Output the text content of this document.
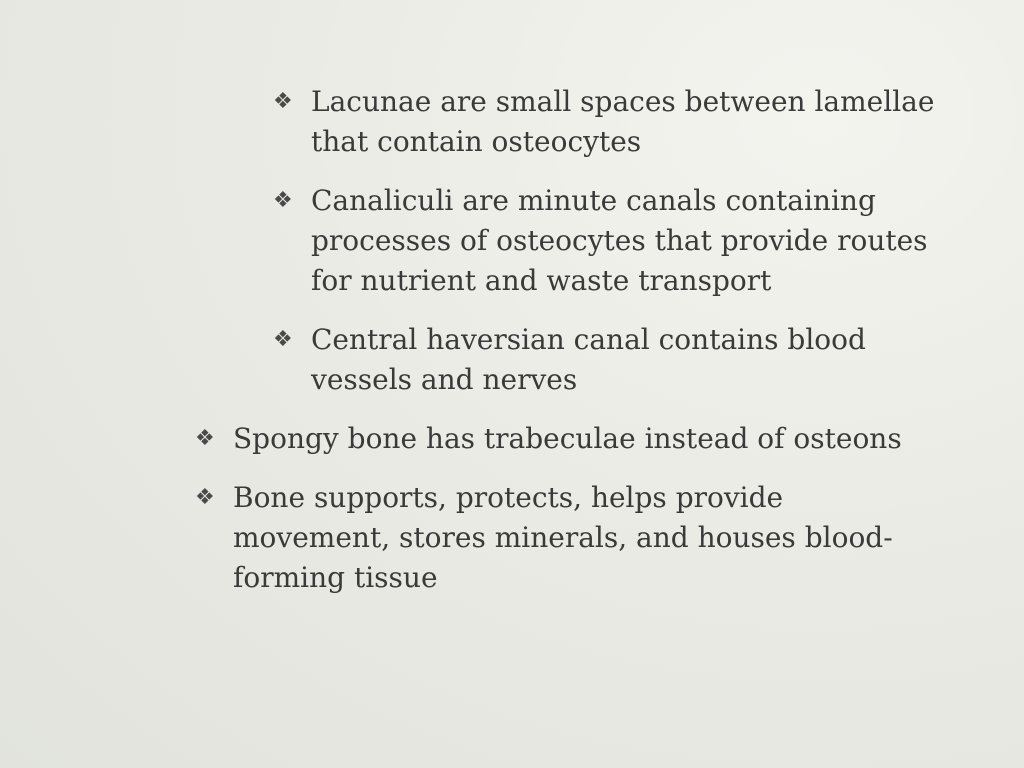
❖ Lacunae are small spaces between lamellae that contain osteocytes
❖ Canaliculi are minute canals containing processes of osteocytes that provide routes for nutrient and waste transport
❖ Central haversian canal contains blood vessels and nerves
❖ Spongy bone has trabeculae instead of osteons
❖ Bone supports, protects, helps provide movement, stores minerals, and houses blood-forming tissue
